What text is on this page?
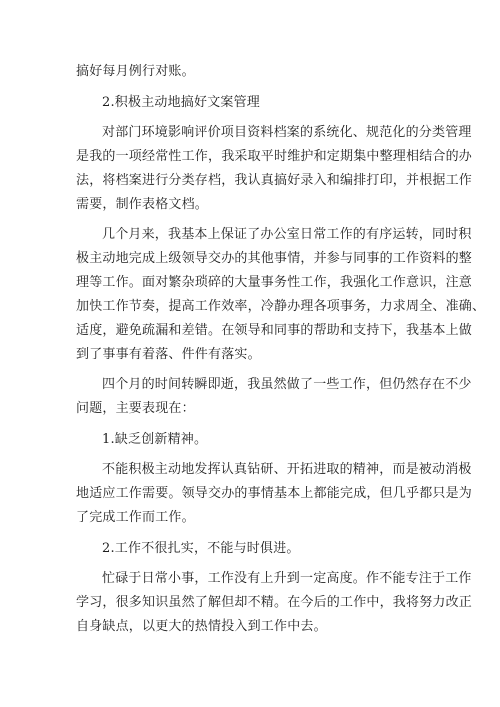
搞好每月例行对账。
2.积极主动地搞好文案管理
对部门环境影响评价项目资料档案的系统化、规范化的分类管理
是我的一项经常性工作，我采取平时维护和定期集中整理相结合的办
法，将档案进行分类存档，我认真搞好录入和编排打印，并根据工作
需要，制作表格文档。
几个月来，我基本上保证了办公室日常工作的有序运转，同时积
极主动地完成上级领导交办的其他事情，并参与同事的工作资料的整
理等工作。面对繁杂琐碎的大量事务性工作，我强化工作意识，注意
加快工作节奏，提高工作效率，冷静办理各项事务，力求周全、准确、
适度，避免疏漏和差错。在领导和同事的帮助和支持下，我基本上做
到了事事有着落、件件有落实。
四个月的时间转瞬即逝，我虽然做了一些工作，但仍然存在不少
问题，主要表现在：
1.缺乏创新精神。
不能积极主动地发挥认真钻研、开拓进取的精神，而是被动消极
地适应工作需要。领导交办的事情基本上都能完成，但几乎都只是为
了完成工作而工作。
2.工作不很扎实，不能与时俱进。
忙碌于日常小事，工作没有上升到一定高度。作不能专注于工作
学习，很多知识虽然了解但却不精。在今后的工作中，我将努力改正
自身缺点，以更大的热情投入到工作中去。
